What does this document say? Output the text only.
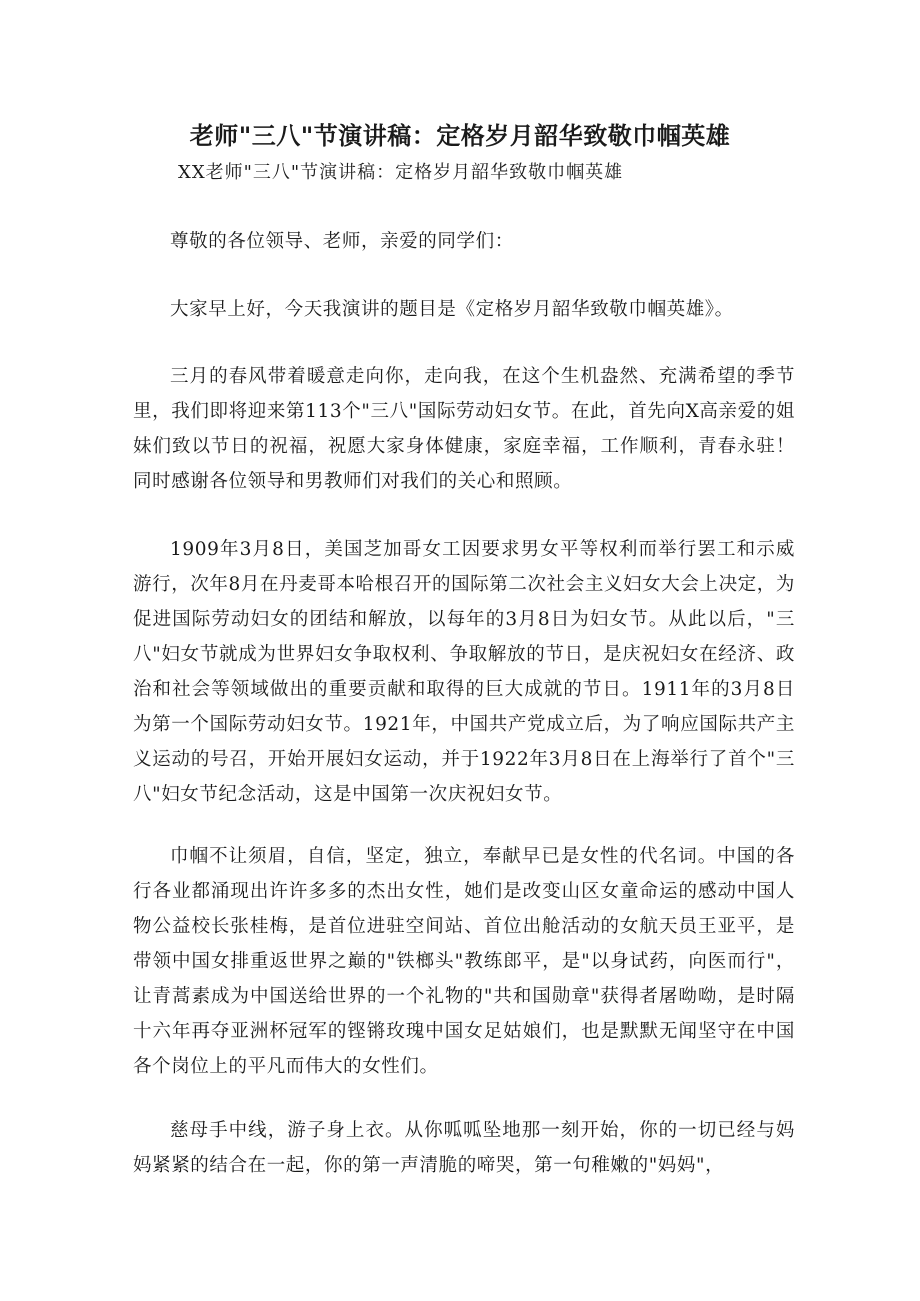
老师"三八"节演讲稿：定格岁月韶华致敬巾帼英雄

XX老师"三八"节演讲稿：定格岁月韶华致敬巾帼英雄

尊敬的各位领导、老师，亲爱的同学们：

大家早上好，今天我演讲的题目是《定格岁月韶华致敬巾帼英雄》。

三月的春风带着暖意走向你，走向我，在这个生机盎然、充满希望的季节里，我们即将迎来第113个"三八"国际劳动妇女节。在此，首先向X高亲爱的姐妹们致以节日的祝福，祝愿大家身体健康，家庭幸福，工作顺利，青春永驻！同时感谢各位领导和男教师们对我们的关心和照顾。

1909年3月8日，美国芝加哥女工因要求男女平等权利而举行罢工和示威游行，次年8月在丹麦哥本哈根召开的国际第二次社会主义妇女大会上决定，为促进国际劳动妇女的团结和解放，以每年的3月8日为妇女节。从此以后，"三八"妇女节就成为世界妇女争取权利、争取解放的节日，是庆祝妇女在经济、政治和社会等领域做出的重要贡献和取得的巨大成就的节日。1911年的3月8日为第一个国际劳动妇女节。1921年，中国共产党成立后，为了响应国际共产主义运动的号召，开始开展妇女运动，并于1922年3月8日在上海举行了首个"三八"妇女节纪念活动，这是中国第一次庆祝妇女节。

巾帼不让须眉，自信，坚定，独立，奉献早已是女性的代名词。中国的各行各业都涌现出许许多多的杰出女性，她们是改变山区女童命运的感动中国人物公益校长张桂梅，是首位进驻空间站、首位出舱活动的女航天员王亚平，是带领中国女排重返世界之巅的"铁榔头"教练郎平，是"以身试药，向医而行"，让青蒿素成为中国送给世界的一个礼物的"共和国勋章"获得者屠呦呦，是时隔十六年再夺亚洲杯冠军的铿锵玫瑰中国女足姑娘们，也是默默无闻坚守在中国各个岗位上的平凡而伟大的女性们。

慈母手中线，游子身上衣。从你呱呱坠地那一刻开始，你的一切已经与妈妈紧紧的结合在一起，你的第一声清脆的啼哭，第一句稚嫩的"妈妈"，
